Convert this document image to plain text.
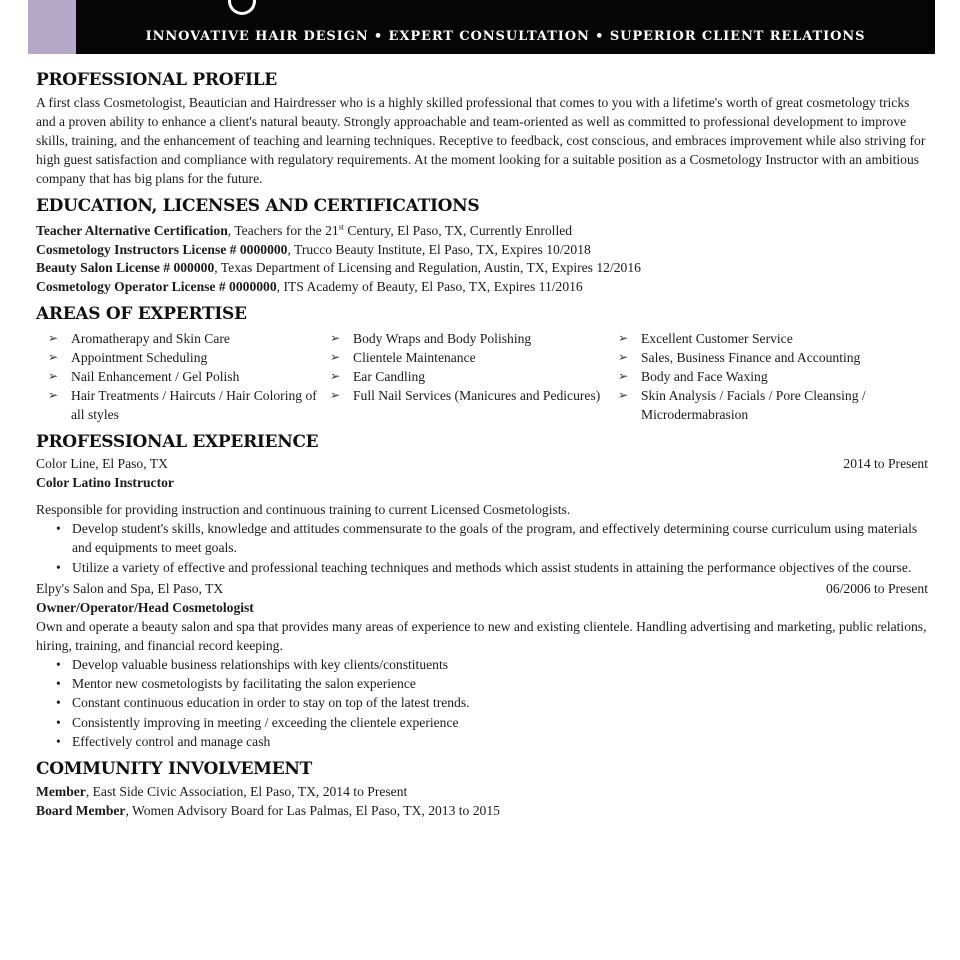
INNOVATIVE HAIR DESIGN • EXPERT CONSULTATION • SUPERIOR CLIENT RELATIONS
PROFESSIONAL PROFILE

A first class Cosmetologist, Beautician and Hairdresser who is a highly skilled professional that comes to you with a lifetime's worth of great cosmetology tricks and a proven ability to enhance a client's natural beauty. Strongly approachable and team-oriented as well as committed to professional development to improve skills, training, and the enhancement of teaching and learning techniques. Receptive to feedback, cost conscious, and embraces improvement while also striving for high guest satisfaction and compliance with regulatory requirements. At the moment looking for a suitable position as a Cosmetology Instructor with an ambitious company that has big plans for the future.

EDUCATION, LICENSES AND CERTIFICATIONS
Teacher Alternative Certification, Teachers for the 21st Century, El Paso, TX, Currently Enrolled
Cosmetology Instructors License # 0000000, Trucco Beauty Institute, El Paso, TX, Expires 10/2018
Beauty Salon License # 000000, Texas Department of Licensing and Regulation, Austin, TX, Expires 12/2016
Cosmetology Operator License # 0000000, ITS Academy of Beauty, El Paso, TX, Expires 11/2016
AREAS OF EXPERTISE
➢ Aromatherapy and Skin Care
➢ Appointment Scheduling
➢ Nail Enhancement / Gel Polish
➢ Hair Treatments / Haircuts / Hair Coloring of all styles
➢ Body Wraps and Body Polishing
➢ Clientele Maintenance
➢ Ear Candling
➢ Full Nail Services (Manicures and Pedicures)
➢ Excellent Customer Service
➢ Sales, Business Finance and Accounting
➢ Body and Face Waxing
➢ Skin Analysis / Facials / Pore Cleansing / Microdermabrasion
PROFESSIONAL EXPERIENCE
Color Line, El Paso, TX	2014 to Present
Color Latino Instructor
Responsible for providing instruction and continuous training to current Licensed Cosmetologists.
• Develop student's skills, knowledge and attitudes commensurate to the goals of the program, and effectively determining course curriculum using materials and equipments to meet goals.
• Utilize a variety of effective and professional teaching techniques and methods which assist students in attaining the performance objectives of the course.
Elpy's Salon and Spa, El Paso, TX	06/2006 to Present
Owner/Operator/Head Cosmetologist
Own and operate a beauty salon and spa that provides many areas of experience to new and existing clientele. Handling advertising and marketing, public relations, hiring, training, and financial record keeping.
• Develop valuable business relationships with key clients/constituents
• Mentor new cosmetologists by facilitating the salon experience
• Constant continuous education in order to stay on top of the latest trends.
• Consistently improving in meeting / exceeding the clientele experience
• Effectively control and manage cash
COMMUNITY INVOLVEMENT
Member, East Side Civic Association, El Paso, TX, 2014 to Present
Board Member, Women Advisory Board for Las Palmas, El Paso, TX, 2013 to 2015
